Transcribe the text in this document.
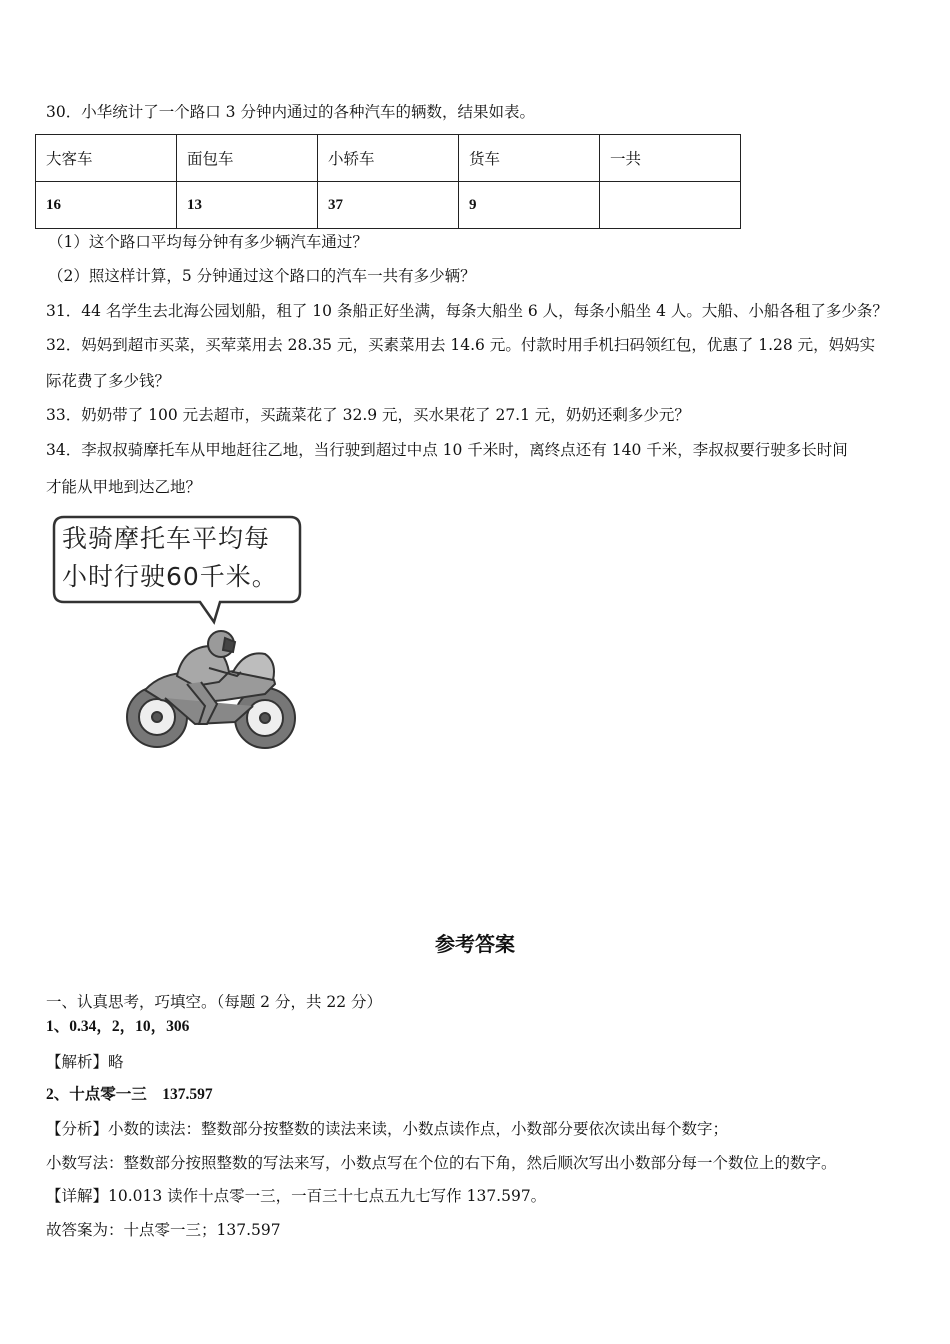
30．小华统计了一个路口 3 分钟内通过的各种汽车的辆数，结果如表。
大客车	面包车	小轿车	货车	一共
16	13	37	9	
（1）这个路口平均每分钟有多少辆汽车通过？
（2）照这样计算，5 分钟通过这个路口的汽车一共有多少辆？
31．44 名学生去北海公园划船，租了 10 条船正好坐满，每条大船坐 6 人，每条小船坐 4 人。大船、小船各租了多少条？
32．妈妈到超市买菜，买荤菜用去 28.35 元，买素菜用去 14.6 元。付款时用手机扫码领红包，优惠了 1.28 元，妈妈实
际花费了多少钱？
33．奶奶带了 100 元去超市，买蔬菜花了 32.9 元，买水果花了 27.1 元，奶奶还剩多少元？
34．李叔叔骑摩托车从甲地赶往乙地，当行驶到超过中点 10 千米时，离终点还有 140 千米，李叔叔要行驶多长时间
才能从甲地到达乙地？
我骑摩托车平均每
小时行驶60千米。
参考答案
一、认真思考，巧填空。（每题 2 分，共 22 分）
1、0.34，2，10，306
【解析】略
2、十点零一三　137.597
【分析】小数的读法：整数部分按整数的读法来读，小数点读作点，小数部分要依次读出每个数字；
小数写法：整数部分按照整数的写法来写，小数点写在个位的右下角，然后顺次写出小数部分每一个数位上的数字。
【详解】10.013 读作十点零一三，一百三十七点五九七写作 137.597。
故答案为：十点零一三；137.597
